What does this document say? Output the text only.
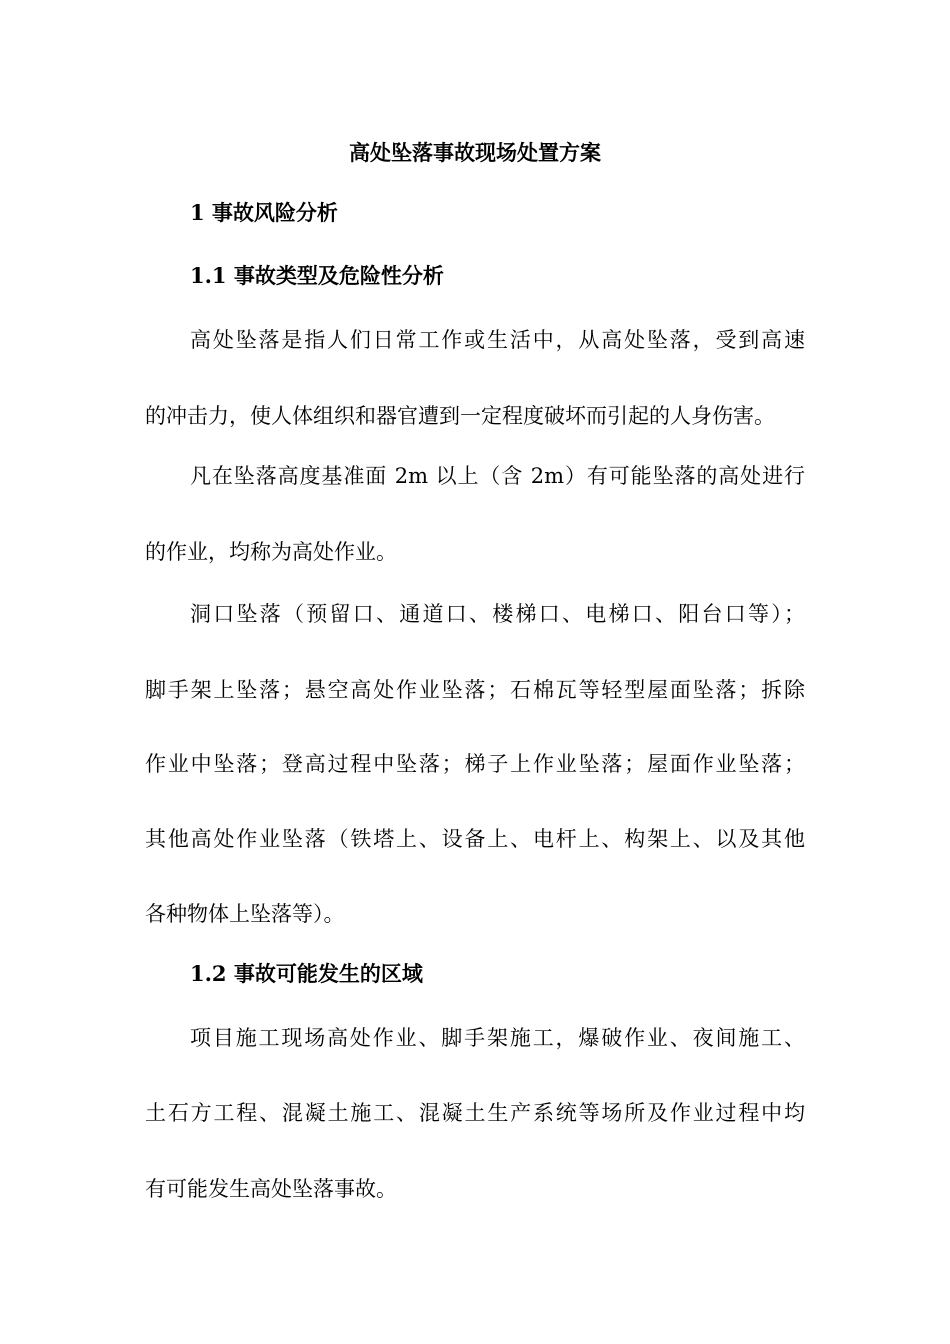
高处坠落事故现场处置方案
1 事故风险分析
1.1 事故类型及危险性分析
高处坠落是指人们日常工作或生活中，从高处坠落，受到高速
的冲击力，使人体组织和器官遭到一定程度破坏而引起的人身伤害。
凡在坠落高度基准面 2m 以上（含 2m）有可能坠落的高处进行
的作业，均称为高处作业。
洞口坠落（预留口、通道口、楼梯口、电梯口、阳台口等）；
脚手架上坠落；悬空高处作业坠落；石棉瓦等轻型屋面坠落；拆除
作业中坠落；登高过程中坠落；梯子上作业坠落；屋面作业坠落；
其他高处作业坠落（铁塔上、设备上、电杆上、构架上、以及其他
各种物体上坠落等）。
1.2 事故可能发生的区域
项目施工现场高处作业、脚手架施工，爆破作业、夜间施工、
土石方工程、混凝土施工、混凝土生产系统等场所及作业过程中均
有可能发生高处坠落事故。
